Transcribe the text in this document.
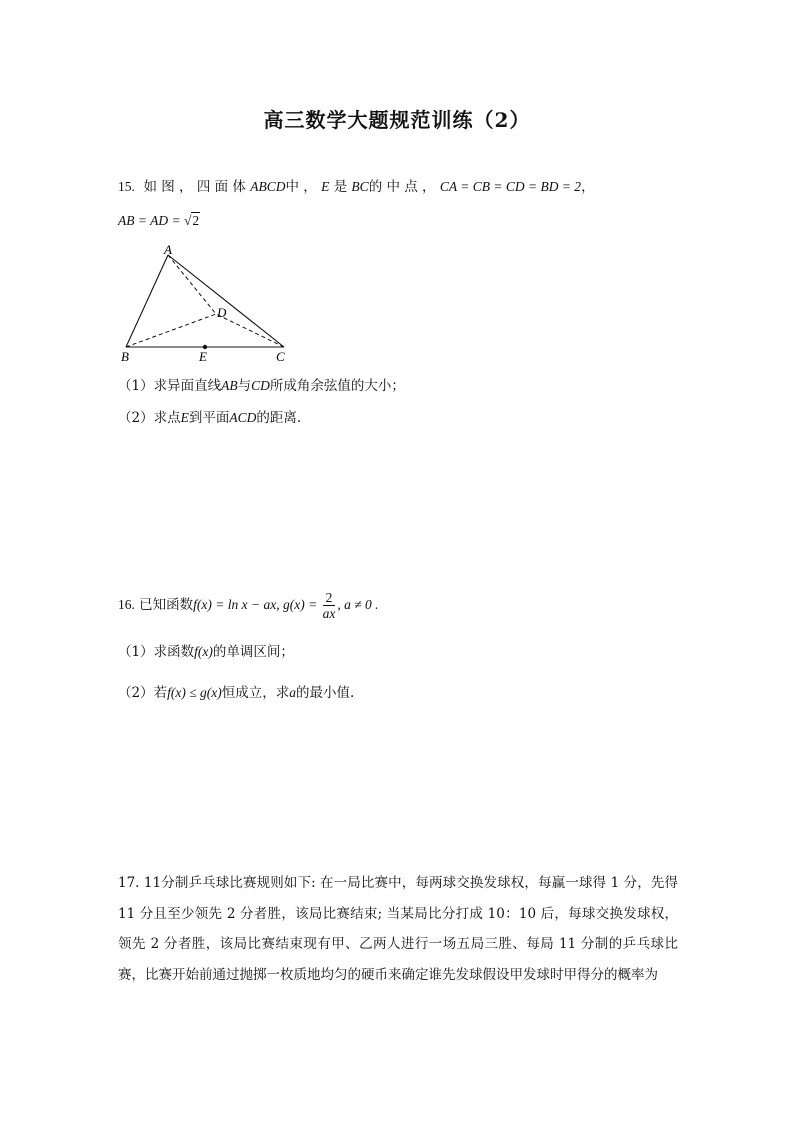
高三数学大题规范训练（2）
15. 如 图 ， 四 面 体 ABCD中 ， E 是 BC的 中 点 ， CA = CB = CD = BD = 2，
AB = AD = √2
A
B	C
D
E
（1）求异面直线AB与CD所成角余弦值的大小；
（2）求点E到平面ACD的距离.
16. 已知函数f(x) = ln x − ax, $g(x) = \frac{2}{ax}$ , a ≠ 0 .
（1）求函数f(x)的单调区间；
（2）若f(x) ≤ g(x)恒成立，求a的最小值.
17. 11分制乒乓球比赛规则如下: 在一局比赛中，每两球交换发球权，每赢一球得 1 分，先得 11 分且至少领先 2 分者胜，该局比赛结束; 当某局比分打成 10：10 后，每球交换发球权，领先 2 分者胜，该局比赛结束现有甲、乙两人进行一场五局三胜、每局 11 分制的乒乓球比赛，比赛开始前通过抛掷一枚质地均匀的硬币来确定谁先发球假设甲发球时甲得分的概率为
